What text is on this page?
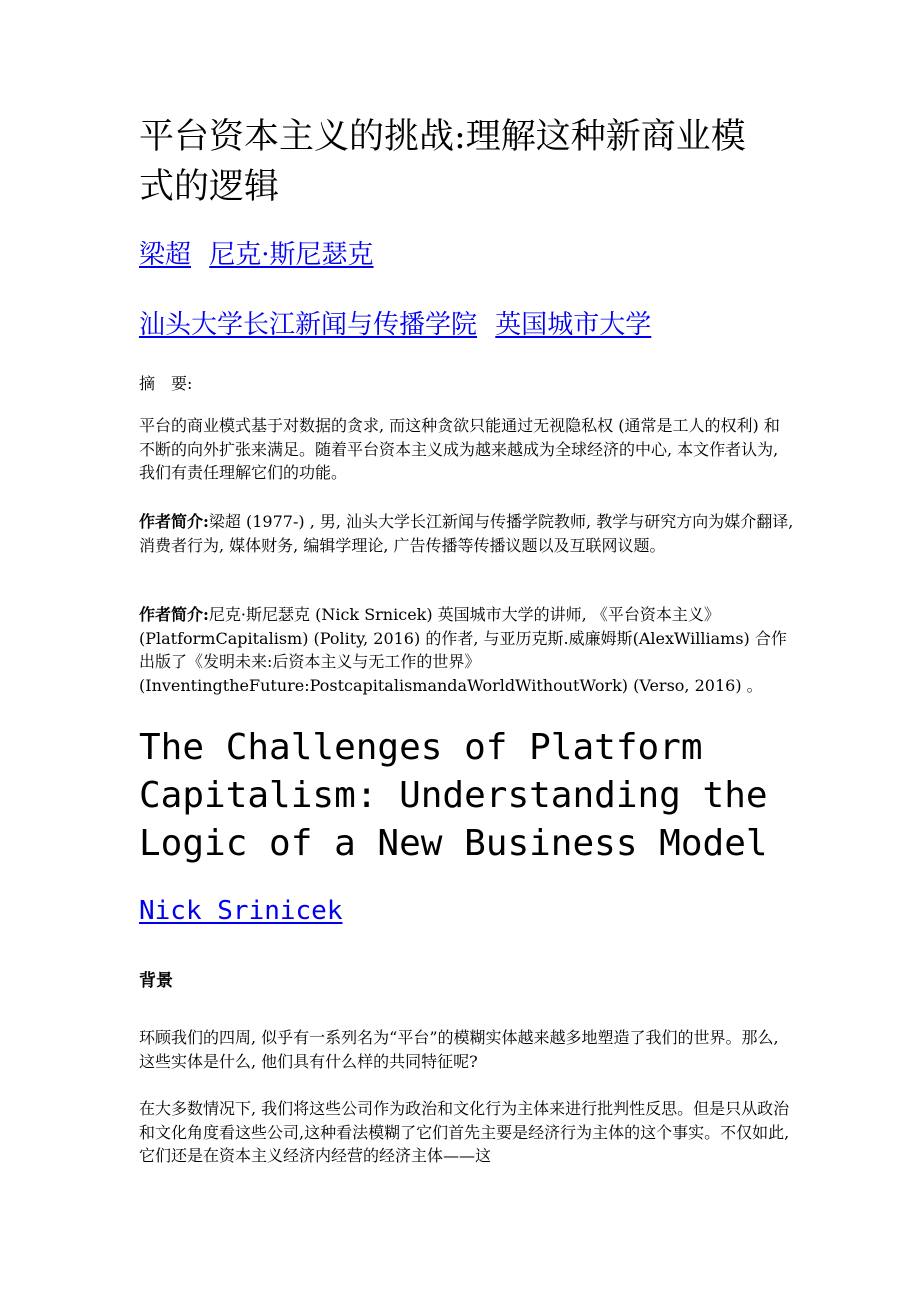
平台资本主义的挑战:理解这种新商业模式的逻辑
梁超 尼克·斯尼瑟克
汕头大学长江新闻与传播学院 英国城市大学

摘　要:

平台的商业模式基于对数据的贪求, 而这种贪欲只能通过无视隐私权 (通常是工人的权利) 和不断的向外扩张来满足。随着平台资本主义成为越来越成为全球经济的中心, 本文作者认为, 我们有责任理解它们的功能。

作者简介:梁超 (1977-) , 男, 汕头大学长江新闻与传播学院教师, 教学与研究方向为媒介翻译, 消费者行为, 媒体财务, 编辑学理论, 广告传播等传播议题以及互联网议题。

作者简介:尼克·斯尼瑟克 (Nick Srnicek) 英国城市大学的讲师, 《平台资本主义》 (PlatformCapitalism) (Polity, 2016) 的作者, 与亚历克斯.威廉姆斯(AlexWilliams) 合作出版了《发明未来:后资本主义与无工作的世界》(InventingtheFuture:PostcapitalismandaWorldWithoutWork) (Verso, 2016) 。

The Challenges of Platform Capitalism: Understanding the Logic of a New Business Model
Nick Srinicek
背景

环顾我们的四周, 似乎有一系列名为“平台”的模糊实体越来越多地塑造了我们的世界。那么, 这些实体是什么, 他们具有什么样的共同特征呢?

在大多数情况下, 我们将这些公司作为政治和文化行为主体来进行批判性反思。但是只从政治和文化角度看这些公司,这种看法模糊了它们首先主要是经济行为主体的这个事实。不仅如此, 它们还是在资本主义经济内经营的经济主体——这
